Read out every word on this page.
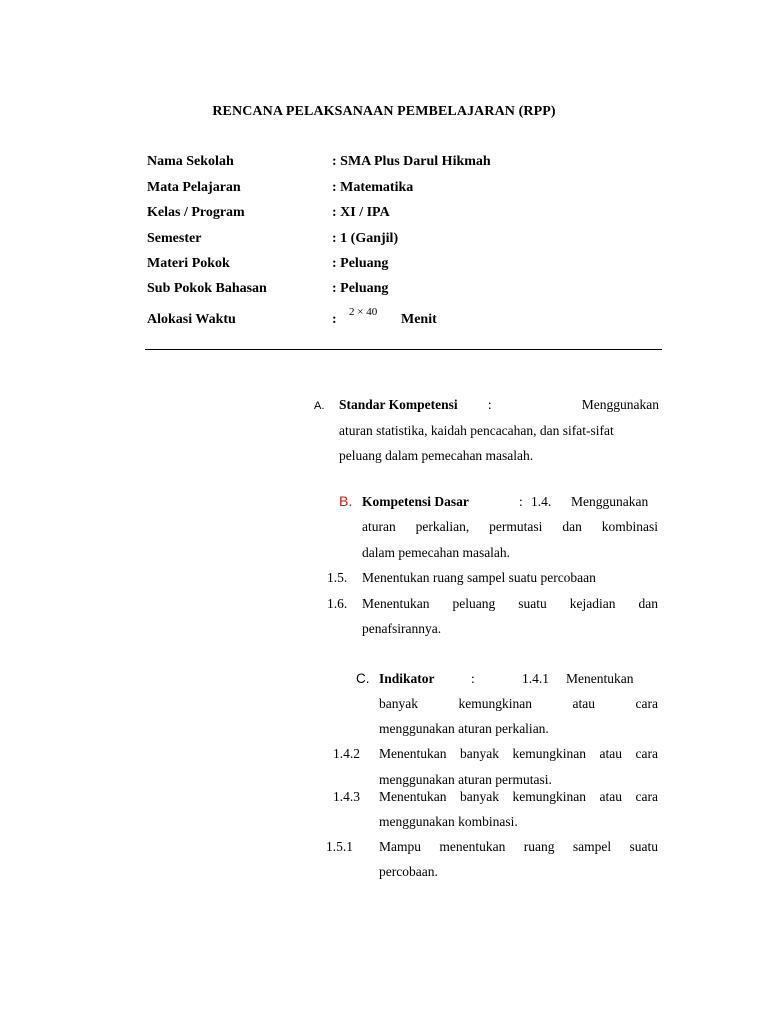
RENCANA PELAKSANAAN PEMBELAJARAN (RPP)
Nama Sekolah	: SMA Plus Darul Hikmah
Mata Pelajaran	: Matematika
Kelas / Program	: XI / IPA
Semester	: 1 (Ganjil)
Materi Pokok	: Peluang
Sub Pokok Bahasan	: Peluang
Alokasi Waktu	: 2 × 40 Menit
A. Standar Kompetensi :	Menggunakan
aturan statistika, kaidah pencacahan, dan sifat-sifat
peluang dalam pemecahan masalah.
B. Kompetensi Dasar	: 1.4. Menggunakan
aturan perkalian, permutasi dan kombinasi
dalam pemecahan masalah.
1.5. Menentukan ruang sampel suatu percobaan
1.6. Menentukan peluang suatu kejadian dan
penafsirannya.
C. Indikator	:	1.4.1 Menentukan
banyak kemungkinan atau cara
menggunakan aturan perkalian.
1.4.2 Menentukan banyak kemungkinan atau cara
menggunakan aturan permutasi.
1.4.3 Menentukan banyak kemungkinan atau cara
menggunakan kombinasi.
1.5.1 Mampu menentukan ruang sampel suatu
percobaan.
